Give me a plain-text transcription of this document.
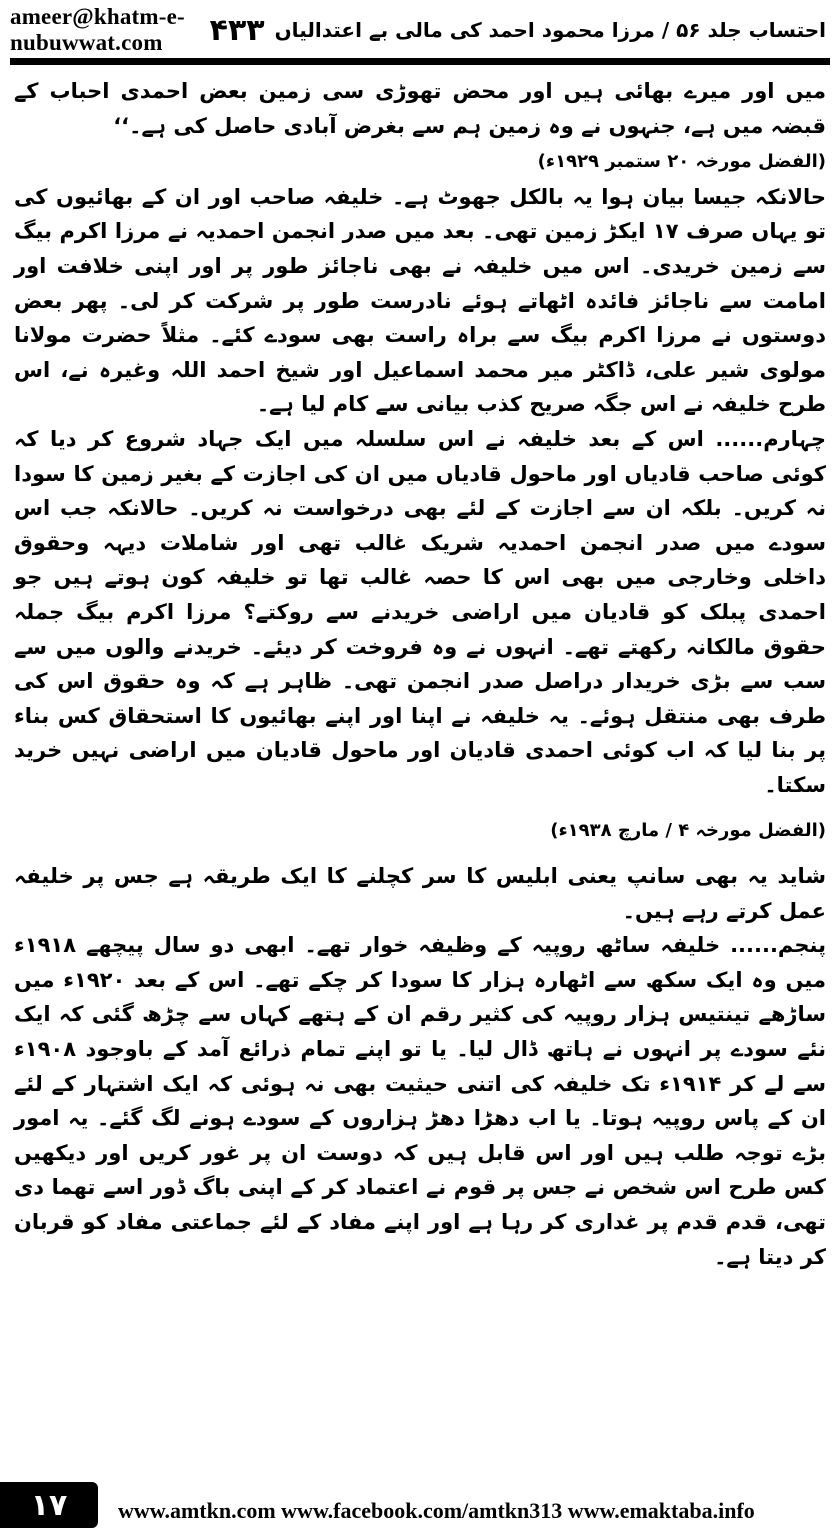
ameer@khatm-e-nubuwwat.com	۴۳۳ احتساب جلد ۵۶ / مرزا محمود احمد کی مالی بے اعتدالیاں

میں اور میرے بھائی ہیں اور محض تھوڑی سی زمین بعض احمدی احباب کے قبضہ میں ہے، جنہوں نے وہ زمین ہم سے بغرض آبادی حاصل کی ہے۔‘‘

(الفضل مورخہ ۲۰ ستمبر ۱۹۲۹ء)

حالانکہ جیسا بیان ہوا یہ بالکل جھوٹ ہے۔ خلیفہ صاحب اور ان کے بھائیوں کی تو یہاں صرف ۱۷ ایکڑ زمین تھی۔ بعد میں صدر انجمن احمدیہ نے مرزا اکرم بیگ سے زمین خریدی۔ اس میں خلیفہ نے بھی ناجائز طور پر اور اپنی خلافت اور امامت سے ناجائز فائدہ اٹھاتے ہوئے نادرست طور پر شرکت کر لی۔ پھر بعض دوستوں نے مرزا اکرم بیگ سے براہ راست بھی سودے کئے۔ مثلاً حضرت مولانا مولوی شیر علی، ڈاکٹر میر محمد اسماعیل اور شیخ احمد اللہ وغیرہ نے، اس طرح خلیفہ نے اس جگہ صریح کذب بیانی سے کام لیا ہے۔

چہارم...... اس کے بعد خلیفہ نے اس سلسلہ میں ایک جہاد شروع کر دیا کہ کوئی صاحب قادیاں اور ماحول قادیاں میں ان کی اجازت کے بغیر زمین کا سودا نہ کریں۔ بلکہ ان سے اجازت کے لئے بھی درخواست نہ کریں۔ حالانکہ جب اس سودے میں صدر انجمن احمدیہ شریک غالب تھی اور شاملات دیہہ وحقوق داخلی وخارجی میں بھی اس کا حصہ غالب تھا تو خلیفہ کون ہوتے ہیں جو احمدی پبلک کو قادیان میں اراضی خریدنے سے روکتے؟ مرزا اکرم بیگ جملہ حقوق مالکانہ رکھتے تھے۔ انہوں نے وہ فروخت کر دیئے۔ خریدنے والوں میں سے سب سے بڑی خریدار دراصل صدر انجمن تھی۔ ظاہر ہے کہ وہ حقوق اس کی طرف بھی منتقل ہوئے۔ یہ خلیفہ نے اپنا اور اپنے بھائیوں کا استحقاق کس بناء پر بنا لیا کہ اب کوئی احمدی قادیان اور ماحول قادیان میں اراضی نہیں خرید سکتا۔

(الفضل مورخہ ۴ / مارچ ۱۹۳۸ء)

شاید یہ بھی سانپ یعنی ابلیس کا سر کچلنے کا ایک طریقہ ہے جس پر خلیفہ عمل کرتے رہے ہیں۔

پنجم...... خلیفہ ساٹھ روپیہ کے وظیفہ خوار تھے۔ ابھی دو سال پیچھے ۱۹۱۸ء میں وہ ایک سکھ سے اٹھارہ ہزار کا سودا کر چکے تھے۔ اس کے بعد ۱۹۲۰ء میں ساڑھے تینتیس ہزار روپیہ کی کثیر رقم ان کے ہتھے کہاں سے چڑھ گئی کہ ایک نئے سودے پر انہوں نے ہاتھ ڈال لیا۔ یا تو اپنے تمام ذرائع آمد کے باوجود ۱۹۰۸ء سے لے کر ۱۹۱۴ء تک خلیفہ کی اتنی حیثیت بھی نہ ہوئی کہ ایک اشتہار کے لئے ان کے پاس روپیہ ہوتا۔ یا اب دھڑا دھڑ ہزاروں کے سودے ہونے لگ گئے۔ یہ امور بڑے توجہ طلب ہیں اور اس قابل ہیں کہ دوست ان پر غور کریں اور دیکھیں کس طرح اس شخص نے جس پر قوم نے اعتماد کر کے اپنی باگ ڈور اسے تھما دی تھی، قدم قدم پر غداری کر رہا ہے اور اپنے مفاد کے لئے جماعتی مفاد کو قربان کر دیتا ہے۔

۱۷	www.amtkn.com www.facebook.com/amtkn313 www.emaktaba.info
